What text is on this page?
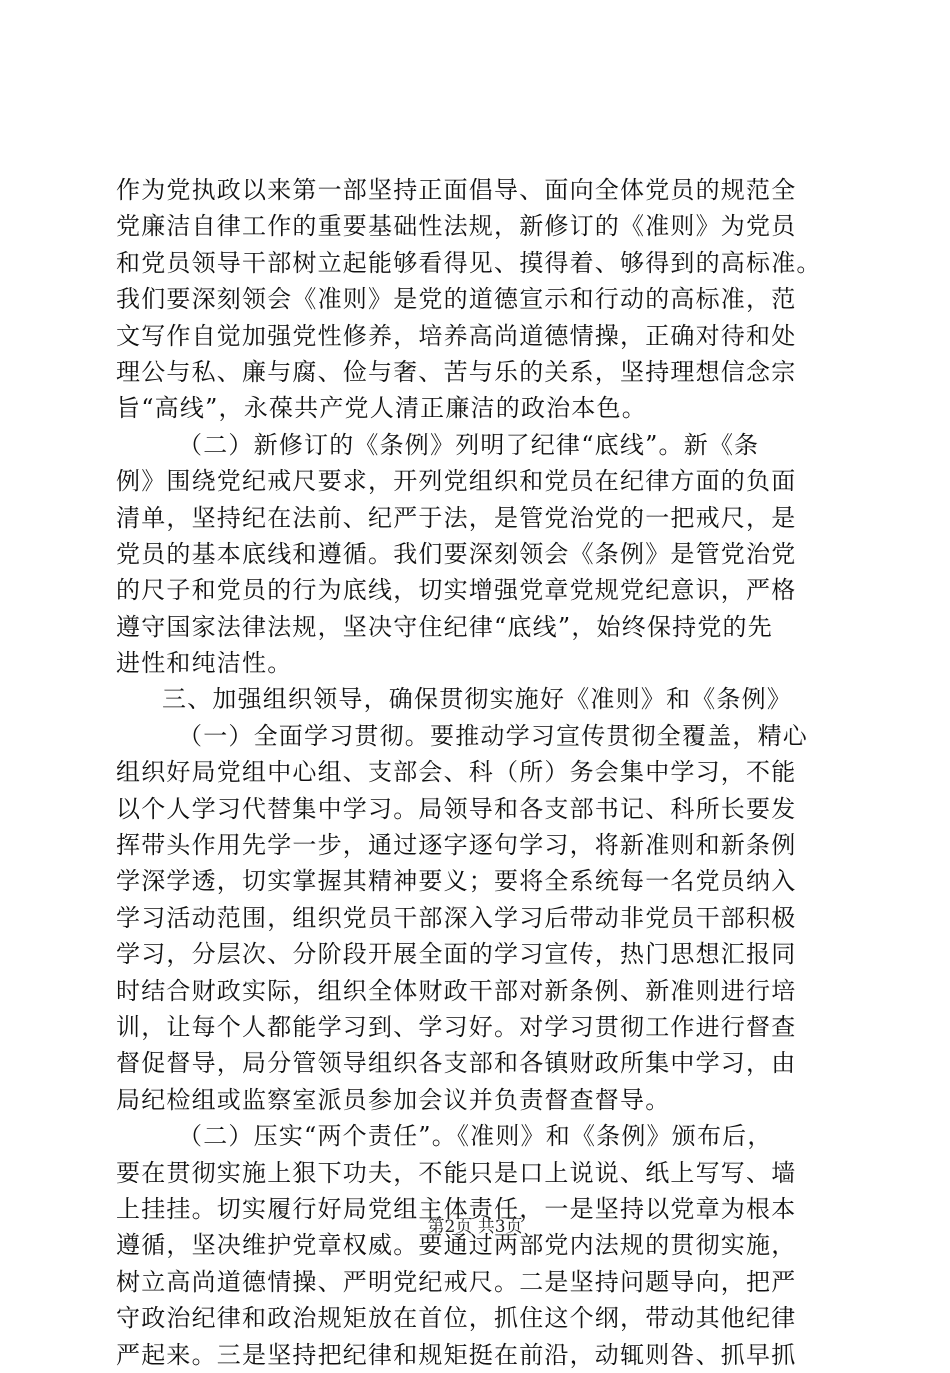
作为党执政以来第一部坚持正面倡导、面向全体党员的规范全
党廉洁自律工作的重要基础性法规，新修订的《准则》为党员
和党员领导干部树立起能够看得见、摸得着、够得到的高标准。
我们要深刻领会《准则》是党的道德宣示和行动的高标准，范
文写作自觉加强党性修养，培养高尚道德情操，正确对待和处
理公与私、廉与腐、俭与奢、苦与乐的关系，坚持理想信念宗
旨“高线”，永葆共产党人清正廉洁的政治本色。
（二）新修订的《条例》列明了纪律“底线”。新《条
例》围绕党纪戒尺要求，开列党组织和党员在纪律方面的负面
清单，坚持纪在法前、纪严于法，是管党治党的一把戒尺，是
党员的基本底线和遵循。我们要深刻领会《条例》是管党治党
的尺子和党员的行为底线，切实增强党章党规党纪意识，严格
遵守国家法律法规，坚决守住纪律“底线”，始终保持党的先
进性和纯洁性。
三、加强组织领导，确保贯彻实施好《准则》和《条例》
（一）全面学习贯彻。要推动学习宣传贯彻全覆盖，精心
组织好局党组中心组、支部会、科（所）务会集中学习，不能
以个人学习代替集中学习。局领导和各支部书记、科所长要发
挥带头作用先学一步，通过逐字逐句学习，将新准则和新条例
学深学透，切实掌握其精神要义；要将全系统每一名党员纳入
学习活动范围，组织党员干部深入学习后带动非党员干部积极
学习，分层次、分阶段开展全面的学习宣传，热门思想汇报同
时结合财政实际，组织全体财政干部对新条例、新准则进行培
训，让每个人都能学习到、学习好。对学习贯彻工作进行督查
督促督导，局分管领导组织各支部和各镇财政所集中学习，由
局纪检组或监察室派员参加会议并负责督查督导。
（二）压实“两个责任”。《准则》和《条例》颁布后，
要在贯彻实施上狠下功夫，不能只是口上说说、纸上写写、墙
上挂挂。切实履行好局党组主体责任，一是坚持以党章为根本
遵循，坚决维护党章权威。要通过两部党内法规的贯彻实施，
树立高尚道德情操、严明党纪戒尺。二是坚持问题导向，把严
守政治纪律和政治规矩放在首位，抓住这个纲，带动其他纪律
严起来。三是坚持把纪律和规矩挺在前沿，动辄则咎、抓早抓
第2页 共3页
